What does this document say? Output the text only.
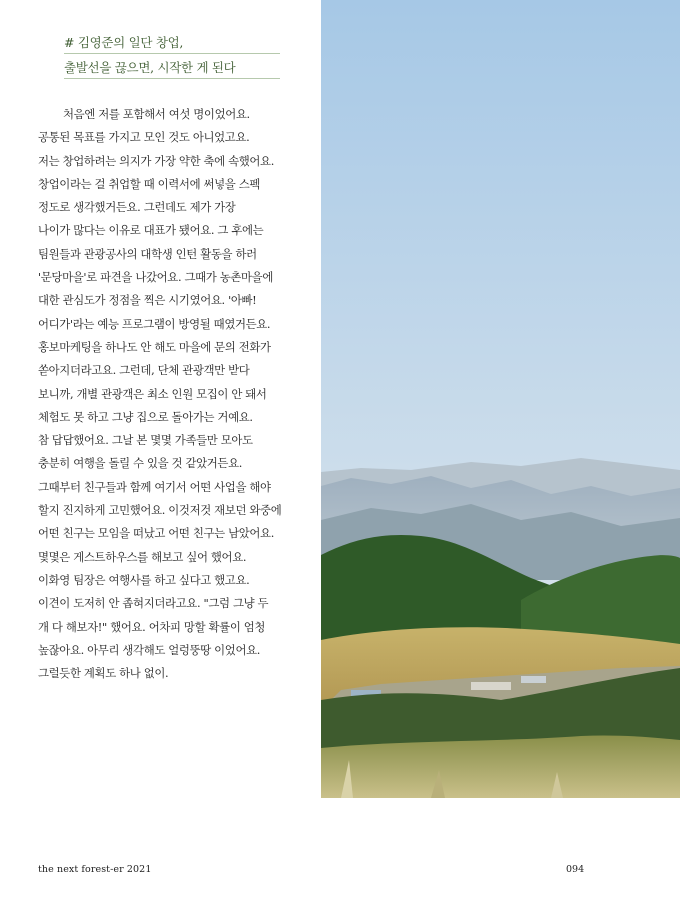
# 김영준의 일단 창업,
출발선을 끊으면, 시작한 게 된다
처음엔 저를 포함해서 여섯 명이었어요.
공통된 목표를 가지고 모인 것도 아니었고요.
저는 창업하려는 의지가 가장 약한 축에 속했어요.
창업이라는 걸 취업할 때 이력서에 써넣을 스펙
정도로 생각했거든요. 그런데도 제가 가장
나이가 많다는 이유로 대표가 됐어요. 그 후에는
팀원들과 관광공사의 대학생 인턴 활동을 하러
'문당마을'로 파견을 나갔어요. 그때가 농촌마을에
대한 관심도가 정점을 찍은 시기였어요. '아빠!
어디가'라는 예능 프로그램이 방영될 때였거든요.
홍보마케팅을 하나도 안 해도 마을에 문의 전화가
쏟아지더라고요. 그런데, 단체 관광객만 받다
보니까, 개별 관광객은 최소 인원 모집이 안 돼서
체험도 못 하고 그냥 집으로 돌아가는 거예요.
참 답답했어요. 그날 본 몇몇 가족들만 모아도
충분히 여행을 돌릴 수 있을 것 같았거든요.
그때부터 친구들과 함께 여기서 어떤 사업을 해야
할지 진지하게 고민했어요. 이것저것 재보던 와중에
어떤 친구는 모임을 떠났고 어떤 친구는 남았어요.
몇몇은 게스트하우스를 해보고 싶어 했어요.
이화영 팀장은 여행사를 하고 싶다고 했고요.
이견이 도저히 안 좁혀지더라고요. "그럼 그냥 두
개 다 해보자!" 했어요. 어차피 망할 확률이 엄청
높잖아요. 아무리 생각해도 얼렁뚱땅 이었어요.
그럴듯한 계획도 하나 없이.
the next forest-er 2021	094
